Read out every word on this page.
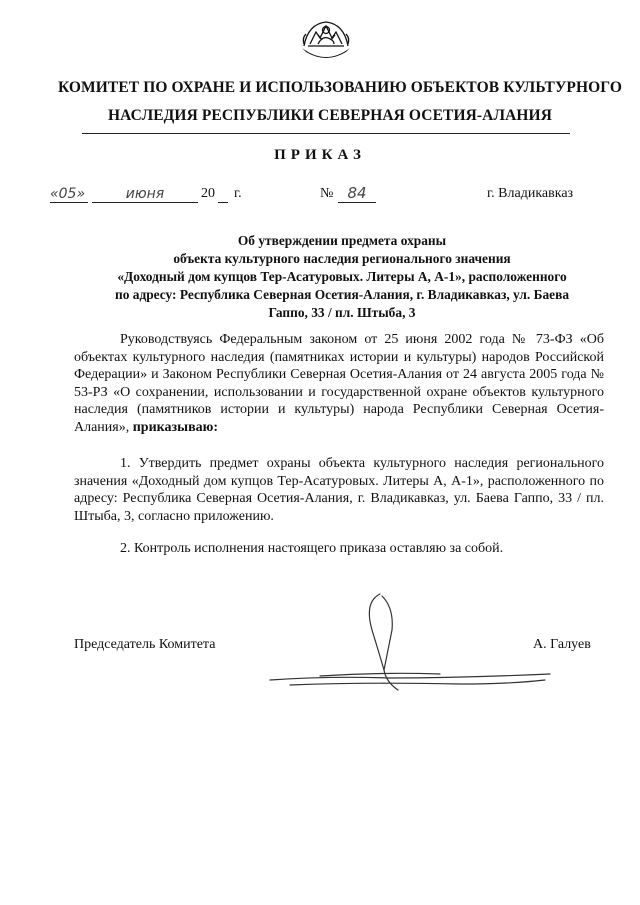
КОМИТЕТ ПО ОХРАНЕ И ИСПОЛЬЗОВАНИЮ ОБЪЕКТОВ КУЛЬТУРНОГО
НАСЛЕДИЯ РЕСПУБЛИКИ СЕВЕРНАЯ ОСЕТИЯ-АЛАНИЯ
ПРИКАЗ
«05»	июня	20 г.	№ 84	г. Владикавказ
Об утверждении предмета охраны
объекта культурного наследия регионального значения
«Доходный дом купцов Тер-Асатуровых. Литеры А, А-1», расположенного
по адресу: Республика Северная Осетия-Алания, г. Владикавказ, ул. Баева
Гаппо, 33 / пл. Штыба, 3
Руководствуясь Федеральным законом от 25 июня 2002 года № 73-ФЗ «Об объектах культурного наследия (памятниках истории и культуры) народов Российской Федерации» и Законом Республики Северная Осетия-Алания от 24 августа 2005 года № 53-РЗ «О сохранении, использовании и государственной охране объектов культурного наследия (памятников истории и культуры) народа Республики Северная Осетия-Алания», приказываю:
1. Утвердить предмет охраны объекта культурного наследия регионального значения «Доходный дом купцов Тер-Асатуровых. Литеры А, А-1», расположенного по адресу: Республика Северная Осетия-Алания, г. Владикавказ, ул. Баева Гаппо, 33 / пл. Штыба, 3, согласно приложению.
2. Контроль исполнения настоящего приказа оставляю за собой.
Председатель Комитета	А. Галуев
